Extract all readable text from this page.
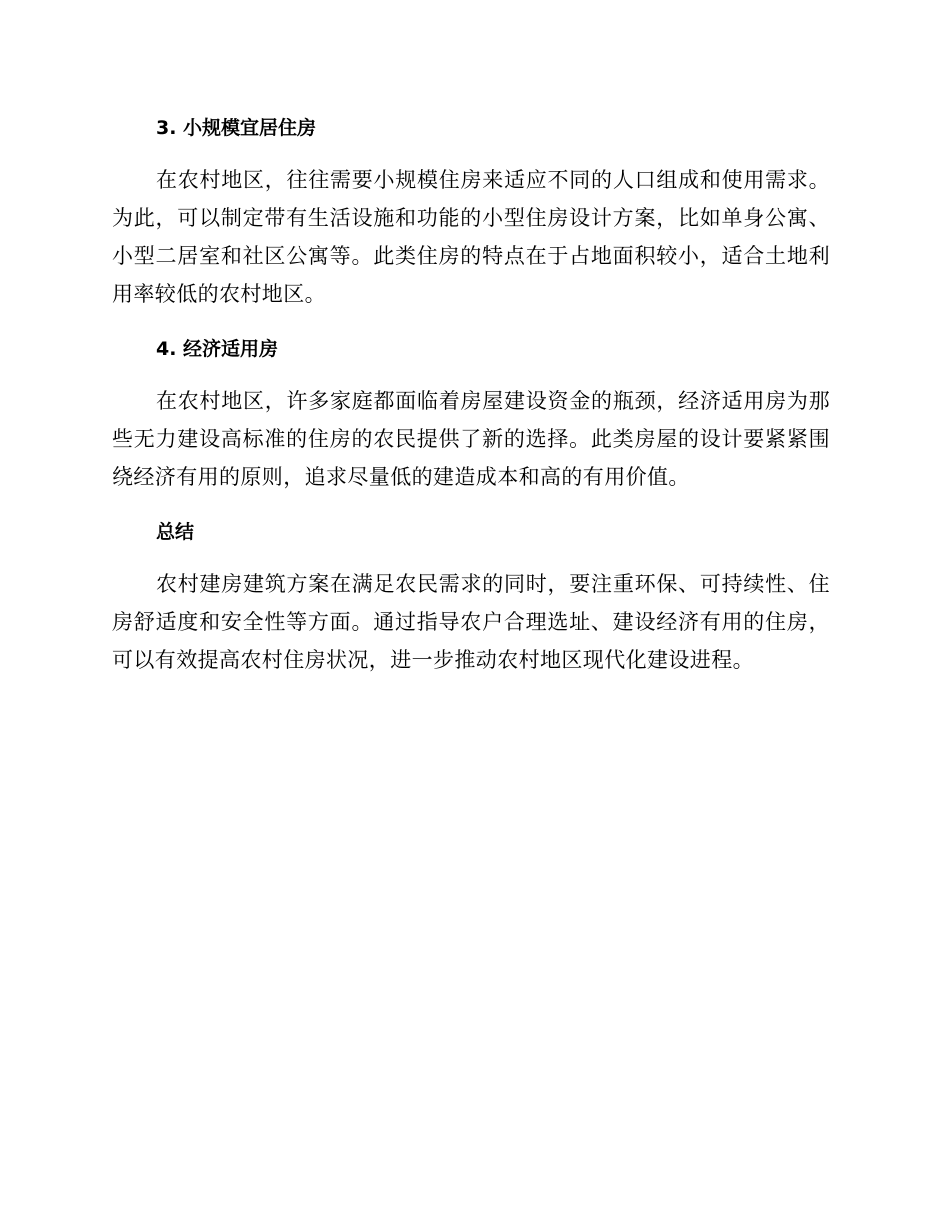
3. 小规模宜居住房

在农村地区，往往需要小规模住房来适应不同的人口组成和使用需求。为此，可以制定带有生活设施和功能的小型住房设计方案，比如单身公寓、小型二居室和社区公寓等。此类住房的特点在于占地面积较小，适合土地利用率较低的农村地区。

4. 经济适用房

在农村地区，许多家庭都面临着房屋建设资金的瓶颈，经济适用房为那些无力建设高标准的住房的农民提供了新的选择。此类房屋的设计要紧紧围绕经济有用的原则，追求尽量低的建造成本和高的有用价值。

总结

农村建房建筑方案在满足农民需求的同时，要注重环保、可持续性、住房舒适度和安全性等方面。通过指导农户合理选址、建设经济有用的住房，可以有效提高农村住房状况，进一步推动农村地区现代化建设进程。
